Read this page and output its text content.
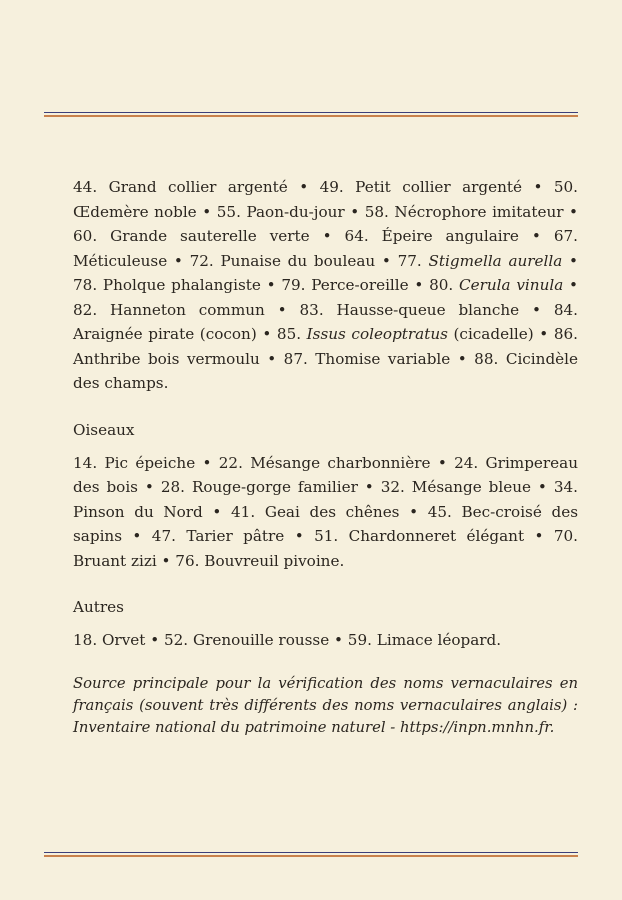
44. Grand collier argenté • 49. Petit collier argenté • 50. Œdemère noble • 55. Paon-du-jour • 58. Nécrophore imitateur • 60. Grande sauterelle verte • 64. Épeire angulaire • 67. Méticuleuse • 72. Punaise du bouleau • 77. Stigmella aurella • 78. Pholque phalangiste • 79. Perce-oreille • 80. Cerula vinula • 82. Hanneton commun • 83. Hausse-queue blanche • 84. Araignée pirate (cocon) • 85. Issus coleoptratus (cicadelle) • 86. Anthribe bois vermoulu • 87. Thomise variable • 88. Cicindèle des champs.

Oiseaux

14. Pic épeiche • 22. Mésange charbonnière • 24. Grimpereau des bois • 28. Rouge-gorge familier • 32. Mésange bleue • 34. Pinson du Nord • 41. Geai des chênes • 45. Bec-croisé des sapins • 47. Tarier pâtre • 51. Chardonneret élégant • 70. Bruant zizi • 76. Bouvreuil pivoine.

Autres

18. Orvet • 52. Grenouille rousse • 59. Limace léopard.

Source principale pour la vérification des noms vernaculaires en français (souvent très différents des noms vernaculaires anglais) : Inventaire national du patrimoine naturel - https://inpn.mnhn.fr.
